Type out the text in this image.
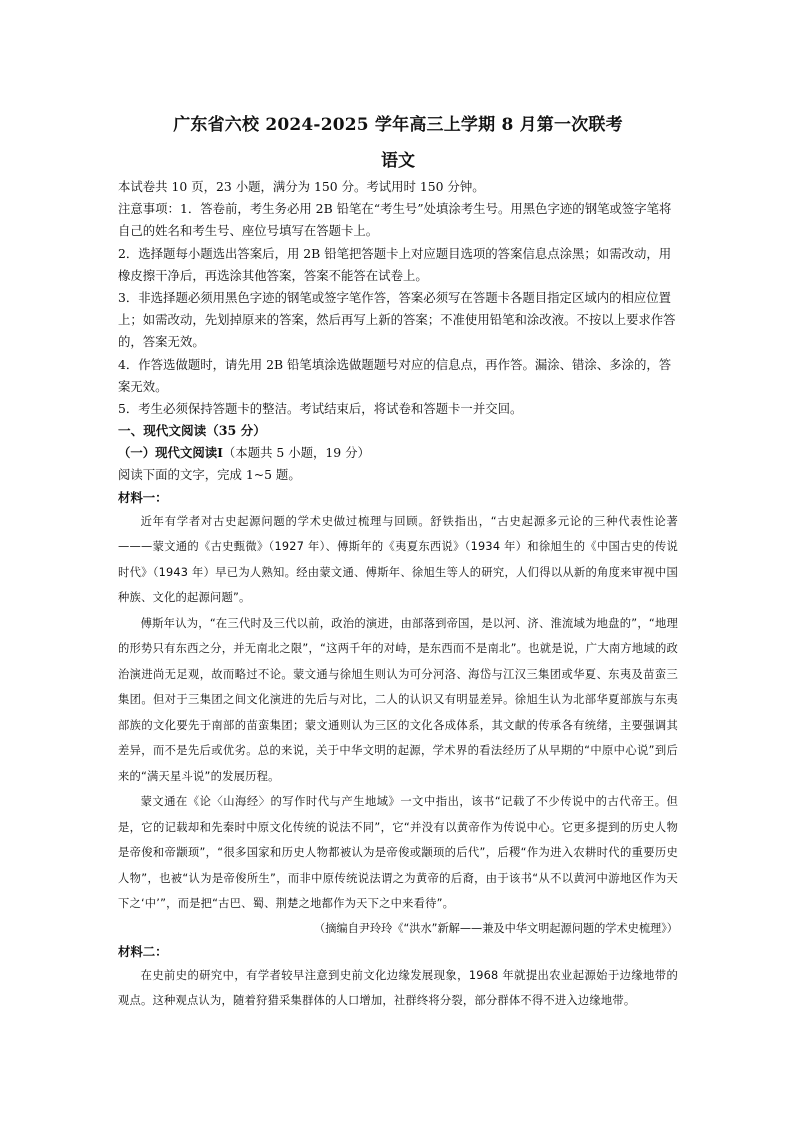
广东省六校 2024-2025 学年高三上学期 8 月第一次联考
语文

本试卷共 10 页，23 小题，满分为 150 分。考试用时 150 分钟。

注意事项：1．答卷前，考生务必用 2B 铅笔在“考生号”处填涂考生号。用黑色字迹的钢笔或签字笔将自己的姓名和考生号、座位号填写在答题卡上。

2．选择题每小题选出答案后，用 2B 铅笔把答题卡上对应题目选项的答案信息点涂黑；如需改动，用橡皮擦干净后，再选涂其他答案，答案不能答在试卷上。

3．非选择题必须用黑色字迹的钢笔或签字笔作答，答案必须写在答题卡各题目指定区域内的相应位置上；如需改动，先划掉原来的答案，然后再写上新的答案；不准使用铅笔和涂改液。不按以上要求作答的，答案无效。

4．作答选做题时，请先用 2B 铅笔填涂选做题题号对应的信息点，再作答。漏涂、错涂、多涂的，答案无效。

5．考生必须保持答题卡的整洁。考试结束后，将试卷和答题卡一并交回。

一、现代文阅读（35 分）

（一）现代文阅读Ⅰ（本题共 5 小题，19 分）

阅读下面的文字，完成 1~5 题。

材料一：

近年有学者对古史起源问题的学术史做过梳理与回顾。舒铁指出，“古史起源多元论的三种代表性论著———蒙文通的《古史甄微》（1927 年）、傅斯年的《夷夏东西说》（1934 年）和徐旭生的《中国古史的传说时代》（1943 年）早已为人熟知。经由蒙文通、傅斯年、徐旭生等人的研究，人们得以从新的角度来审视中国种族、文化的起源问题”。

傅斯年认为，“在三代时及三代以前，政治的演进，由部落到帝国，是以河、济、淮流域为地盘的”，“地理的形势只有东西之分，并无南北之限”，“这两千年的对峙，是东西而不是南北”。也就是说，广大南方地域的政治演进尚无足观，故而略过不论。蒙文通与徐旭生则认为可分河洛、海岱与江汉三集团或华夏、东夷及苗蛮三集团。但对于三集团之间文化演进的先后与对比，二人的认识又有明显差异。徐旭生认为北部华夏部族与东夷部族的文化要先于南部的苗蛮集团；蒙文通则认为三区的文化各成体系，其文献的传承各有统绪，主要强调其差异，而不是先后或优劣。总的来说，关于中华文明的起源，学术界的看法经历了从早期的“中原中心说”到后来的“满天星斗说”的发展历程。

蒙文通在《论〈山海经〉的写作时代与产生地域》一文中指出，该书“记载了不少传说中的古代帝王。但是，它的记载却和先秦时中原文化传统的说法不同”，它“并没有以黄帝作为传说中心。它更多提到的历史人物是帝俊和帝颛顼”，“很多国家和历史人物都被认为是帝俊或颛顼的后代”，后稷“作为进入农耕时代的重要历史人物”，也被“认为是帝俊所生”，而非中原传统说法谓之为黄帝的后裔，由于该书“从不以黄河中游地区作为天下之‘中’”，而是把“古巴、蜀、荆楚之地都作为天下之中来看待”。

（摘编自尹玲玲《“洪水”新解——兼及中华文明起源问题的学术史梳理》）

材料二：

在史前史的研究中，有学者较早注意到史前文化边缘发展现象，1968 年就提出农业起源始于边缘地带的观点。这种观点认为，随着狩猎采集群体的人口增加，社群终将分裂，部分群体不得不进入边缘地带。
